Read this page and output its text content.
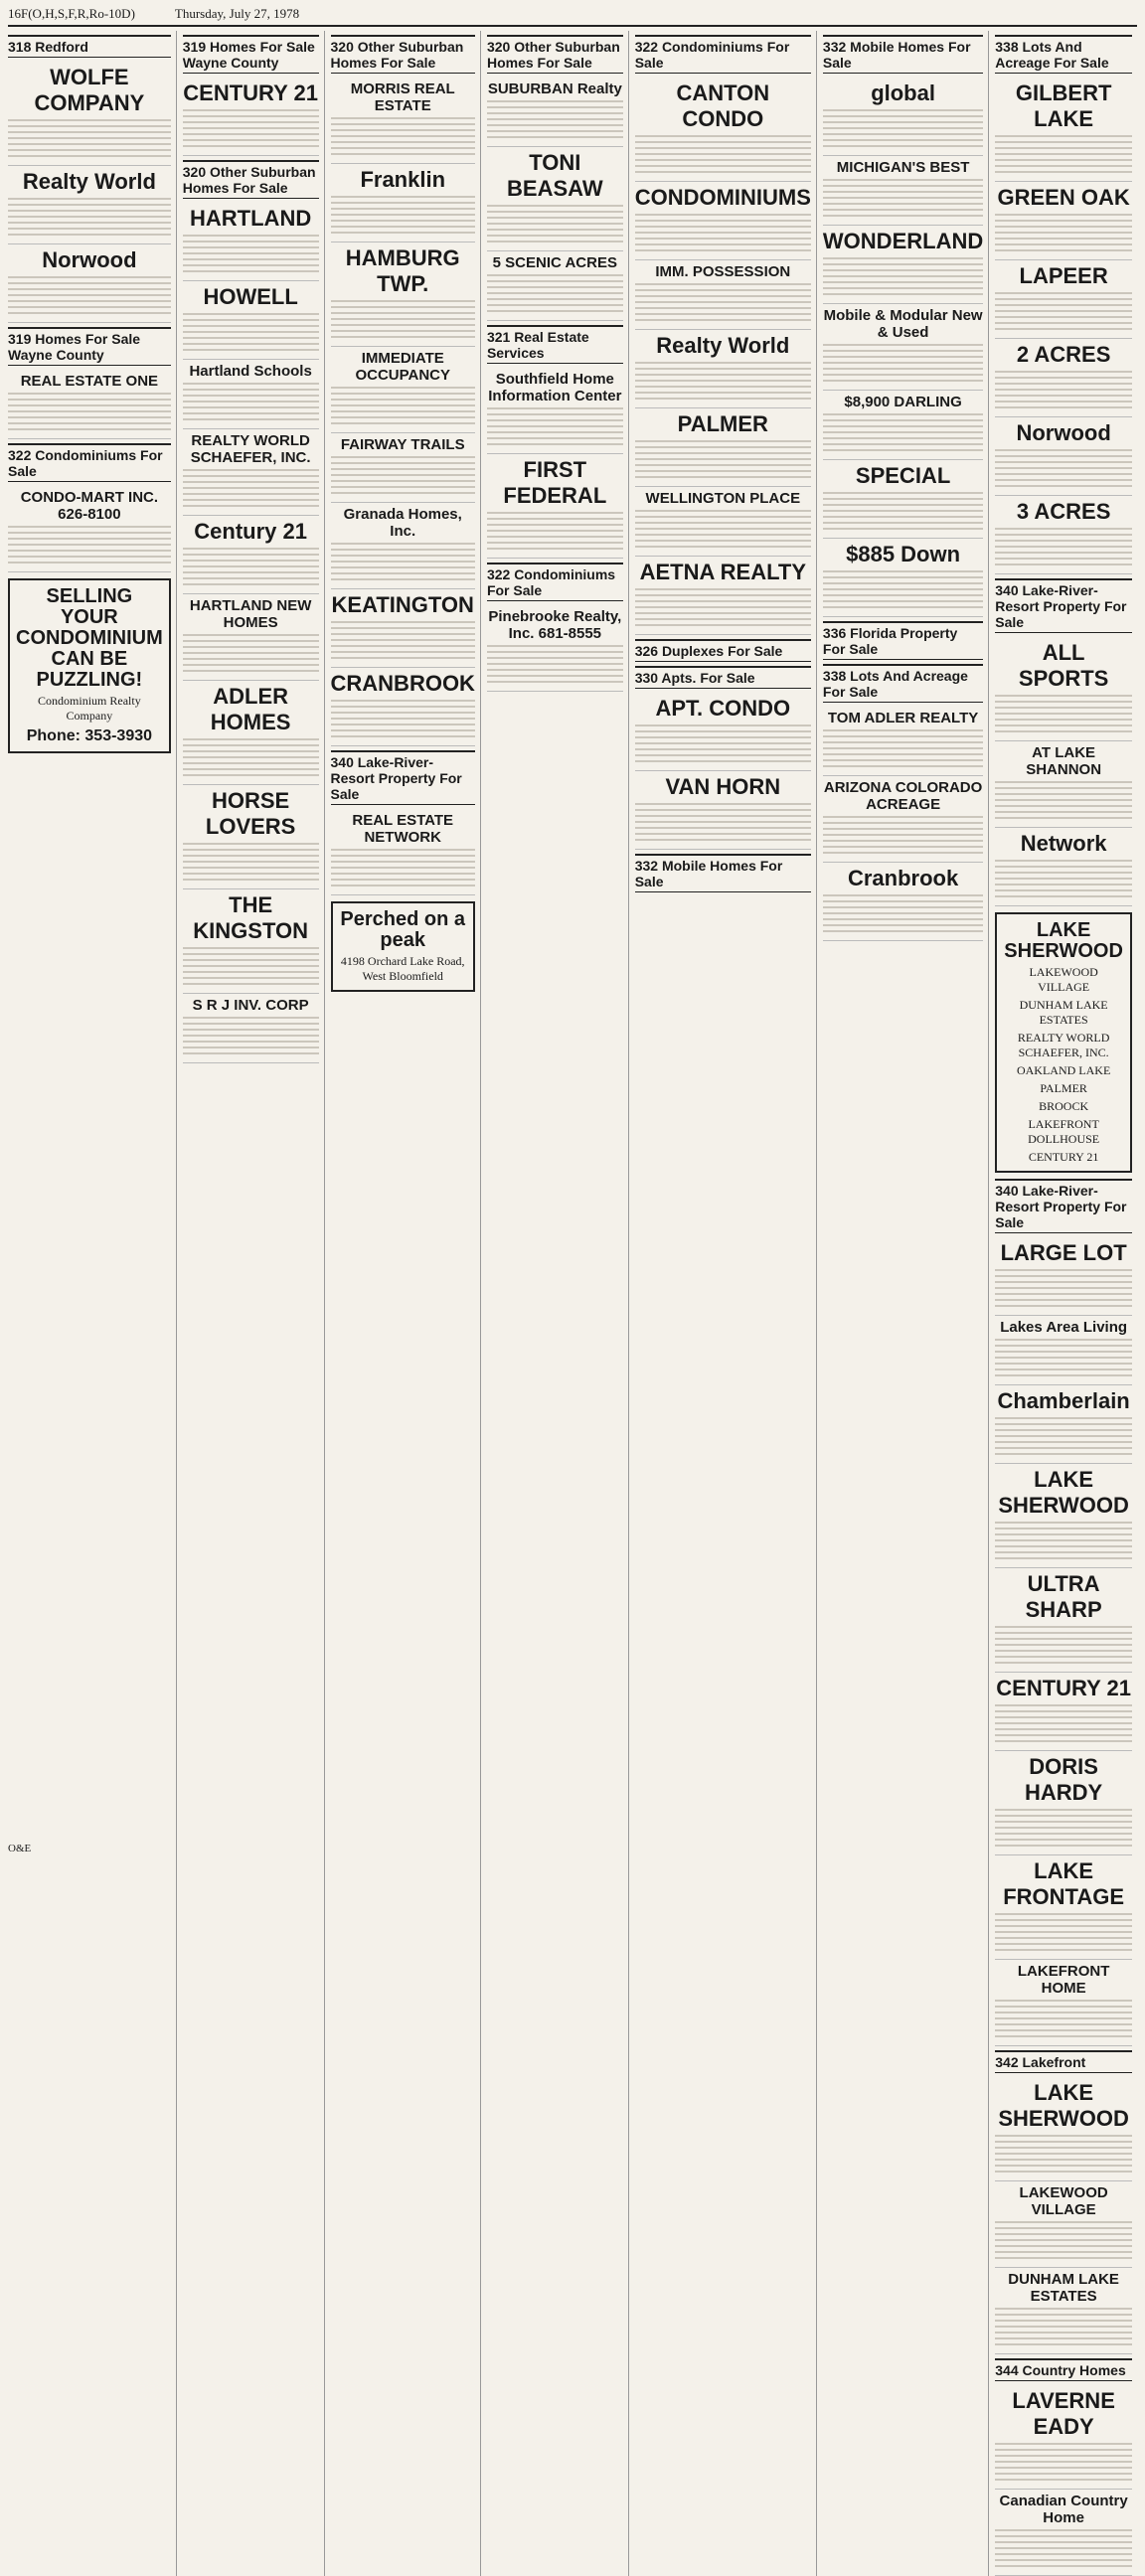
16F(O,H,S,F,R,Ro-10D)	Thursday, July 27, 1978
318 Redford
WOLFE COMPANY
Realty World
Norwood
319 Homes For Sale Wayne County
REAL ESTATE ONE
322 Condominiums For Sale
CONDO-MART INC. 626-8100
SELLING YOUR CONDOMINIUM CAN BE PUZZLING!
Condominium Realty Company
Phone: 353-3930
319 Homes For Sale Wayne County
CENTURY 21
320 Other Suburban Homes For Sale
HARTLAND
HOWELL
Hartland Schools
REALTY WORLD SCHAEFER, INC.
Century 21
HARTLAND NEW HOMES
ADLER HOMES
HORSE LOVERS
THE KINGSTON
S R J INV. CORP
320 Other Suburban Homes For Sale
MORRIS REAL ESTATE
Franklin
HAMBURG TWP.
IMMEDIATE OCCUPANCY
FAIRWAY TRAILS
Granada Homes, Inc.
KEATINGTON
CRANBROOK
340 Lake-River-Resort Property For Sale
REAL ESTATE NETWORK
Perched on a peak
4198 Orchard Lake Road, West Bloomfield
320 Other Suburban Homes For Sale
SUBURBAN Realty
TONI BEASAW
5 SCENIC ACRES
321 Real Estate Services
Southfield Home Information Center
FIRST FEDERAL
322 Condominiums For Sale
Pinebrooke Realty, Inc. 681-8555
322 Condominiums For Sale
CANTON CONDO
CONDOMINIUMS
IMM. POSSESSION
Realty World
PALMER
WELLINGTON PLACE
AETNA REALTY
326 Duplexes For Sale
330 Apts. For Sale
APT. CONDO
VAN HORN
332 Mobile Homes For Sale
332 Mobile Homes For Sale
global
MICHIGAN'S BEST
WONDERLAND
Mobile & Modular New & Used
$8,900 DARLING
SPECIAL
$885 Down
336 Florida Property For Sale
338 Lots And Acreage For Sale
TOM ADLER REALTY
ARIZONA COLORADO ACREAGE
Cranbrook
338 Lots And Acreage For Sale
GILBERT LAKE
GREEN OAK
LAPEER
2 ACRES
Norwood
3 ACRES
340 Lake-River-Resort Property For Sale
ALL SPORTS
AT LAKE SHANNON
Network
LAKE SHERWOOD
LAKEWOOD VILLAGE
DUNHAM LAKE ESTATES
REALTY WORLD SCHAEFER, INC.
OAKLAND LAKE
PALMER
BROOCK
LAKEFRONT DOLLHOUSE
CENTURY 21
340 Lake-River-Resort Property For Sale
LARGE LOT
Lakes Area Living
Chamberlain
LAKE SHERWOOD
ULTRA SHARP
CENTURY 21
DORIS HARDY
LAKE FRONTAGE
LAKEFRONT HOME
342 Lakefront
LAKE SHERWOOD
LAKEWOOD VILLAGE
DUNHAM LAKE ESTATES
344 Country Homes
LAVERNE EADY
Canadian Country Home
O&E
